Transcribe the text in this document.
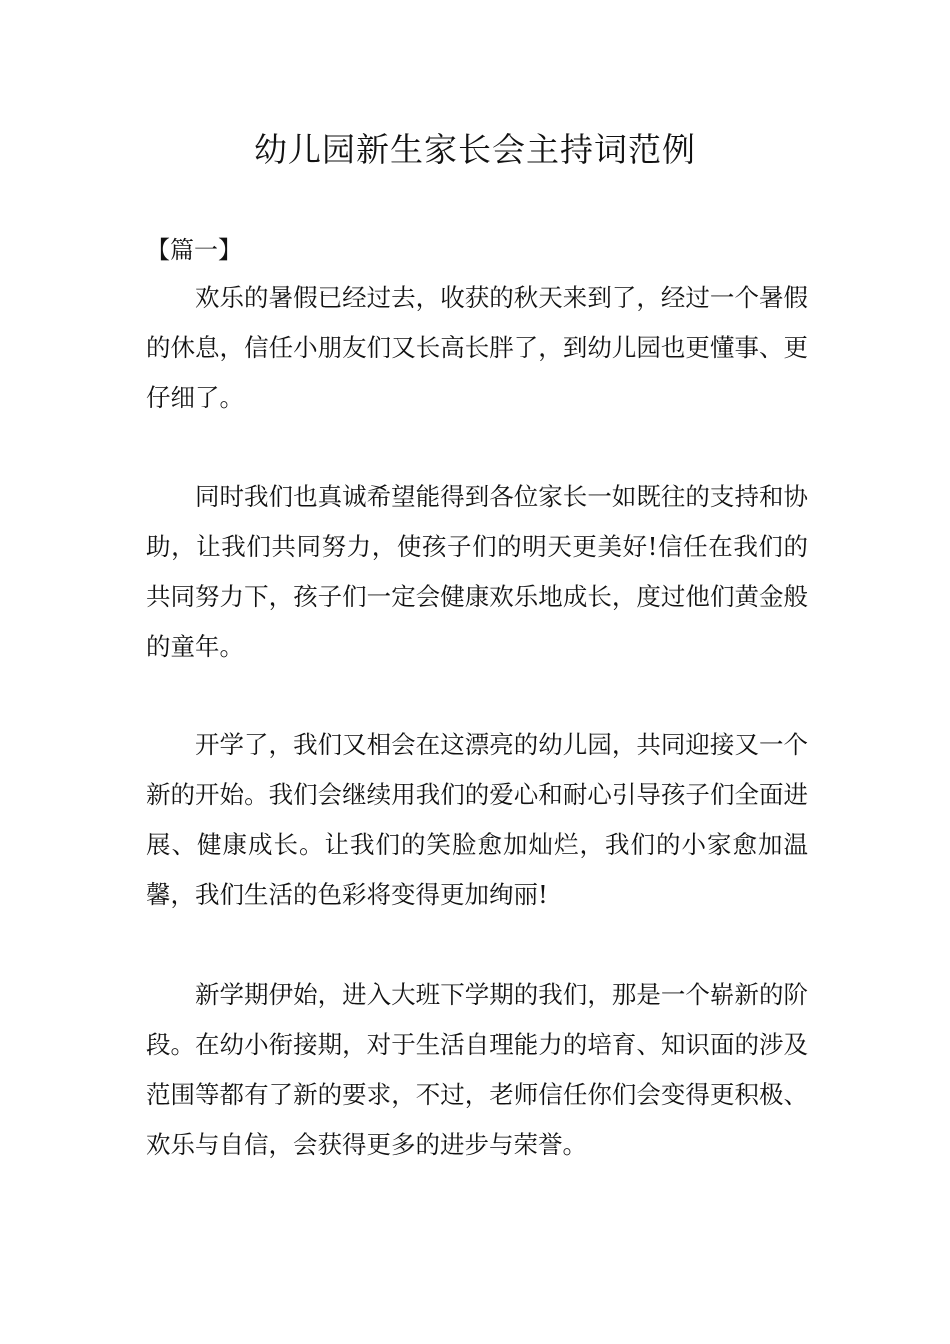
幼儿园新生家长会主持词范例

【篇一】

欢乐的暑假已经过去，收获的秋天来到了，经过一个暑假的休息，信任小朋友们又长高长胖了，到幼儿园也更懂事、更仔细了。

同时我们也真诚希望能得到各位家长一如既往的支持和协助，让我们共同努力，使孩子们的明天更美好!信任在我们的共同努力下，孩子们一定会健康欢乐地成长，度过他们黄金般的童年。

开学了，我们又相会在这漂亮的幼儿园，共同迎接又一个新的开始。我们会继续用我们的爱心和耐心引导孩子们全面进展、健康成长。让我们的笑脸愈加灿烂，我们的小家愈加温馨，我们生活的色彩将变得更加绚丽!

新学期伊始，进入大班下学期的我们，那是一个崭新的阶段。在幼小衔接期，对于生活自理能力的培育、知识面的涉及范围等都有了新的要求，不过，老师信任你们会变得更积极、欢乐与自信，会获得更多的进步与荣誉。
